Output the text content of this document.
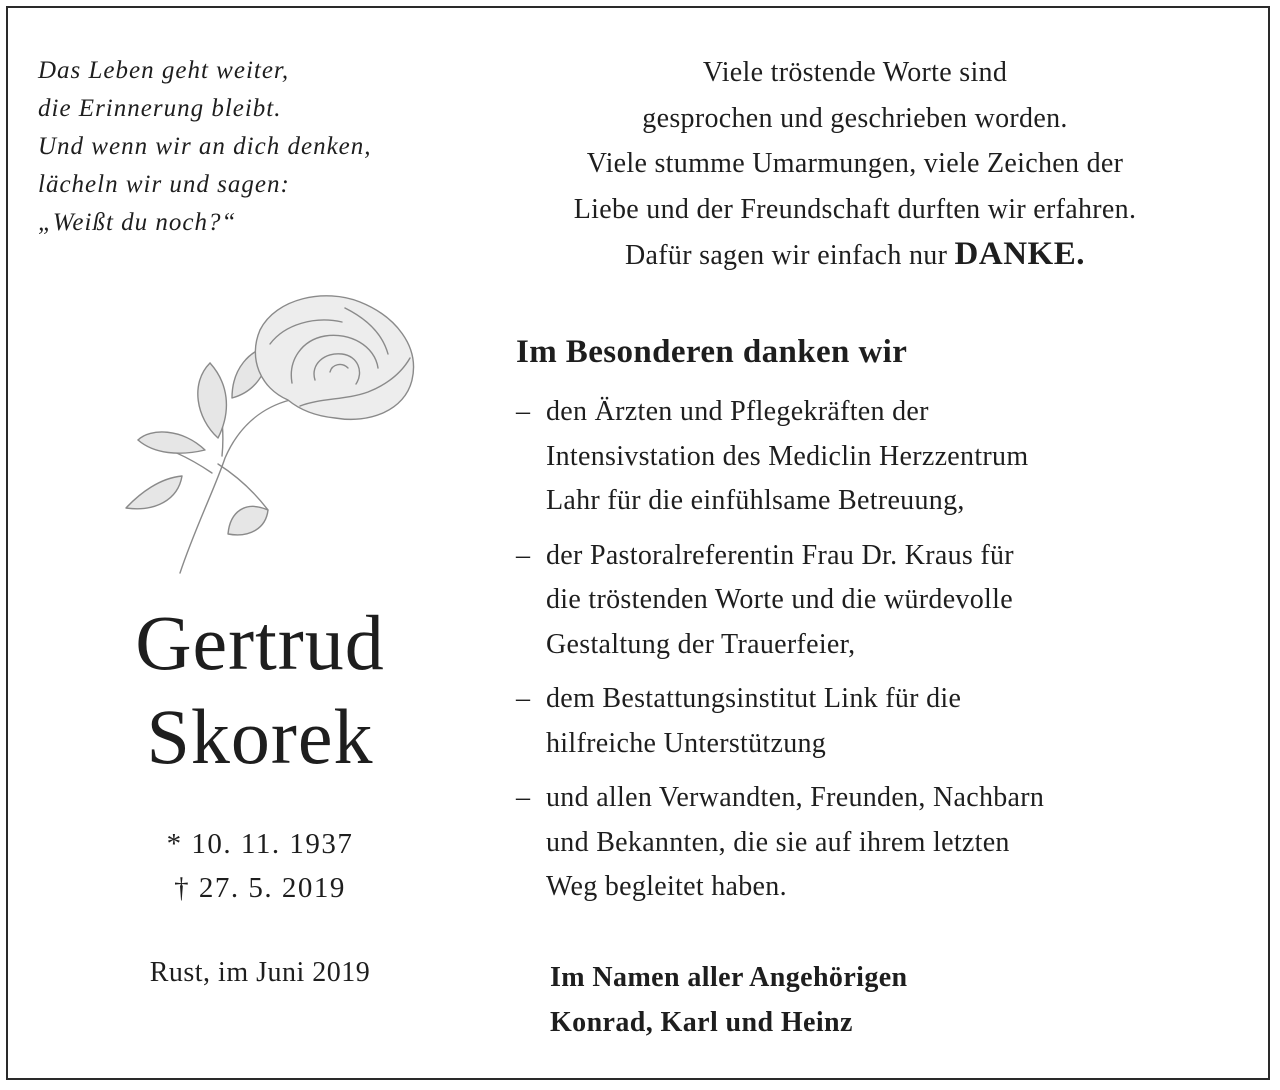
Das Leben geht weiter,
die Erinnerung bleibt.
Und wenn wir an dich denken,
lächeln wir und sagen:
„Weißt du noch?“
Viele tröstende Worte sind
gesprochen und geschrieben worden.
Viele stumme Umarmungen, viele Zeichen der
Liebe und der Freundschaft durften wir erfahren.
Dafür sagen wir einfach nur DANKE.
Gertrud
Skorek
* 10. 11. 1937
† 27. 5. 2019
Rust, im Juni 2019
Im Besonderen danken wir
– den Ärzten und Pflegekräften der
Intensivstation des Mediclin Herzzentrum
Lahr für die einfühlsame Betreuung,
– der Pastoralreferentin Frau Dr. Kraus für
die tröstenden Worte und die würdevolle
Gestaltung der Trauerfeier,
– dem Bestattungsinstitut Link für die
hilfreiche Unterstützung
– und allen Verwandten, Freunden, Nachbarn
und Bekannten, die sie auf ihrem letzten
Weg begleitet haben.
Im Namen aller Angehörigen
Konrad, Karl und Heinz
